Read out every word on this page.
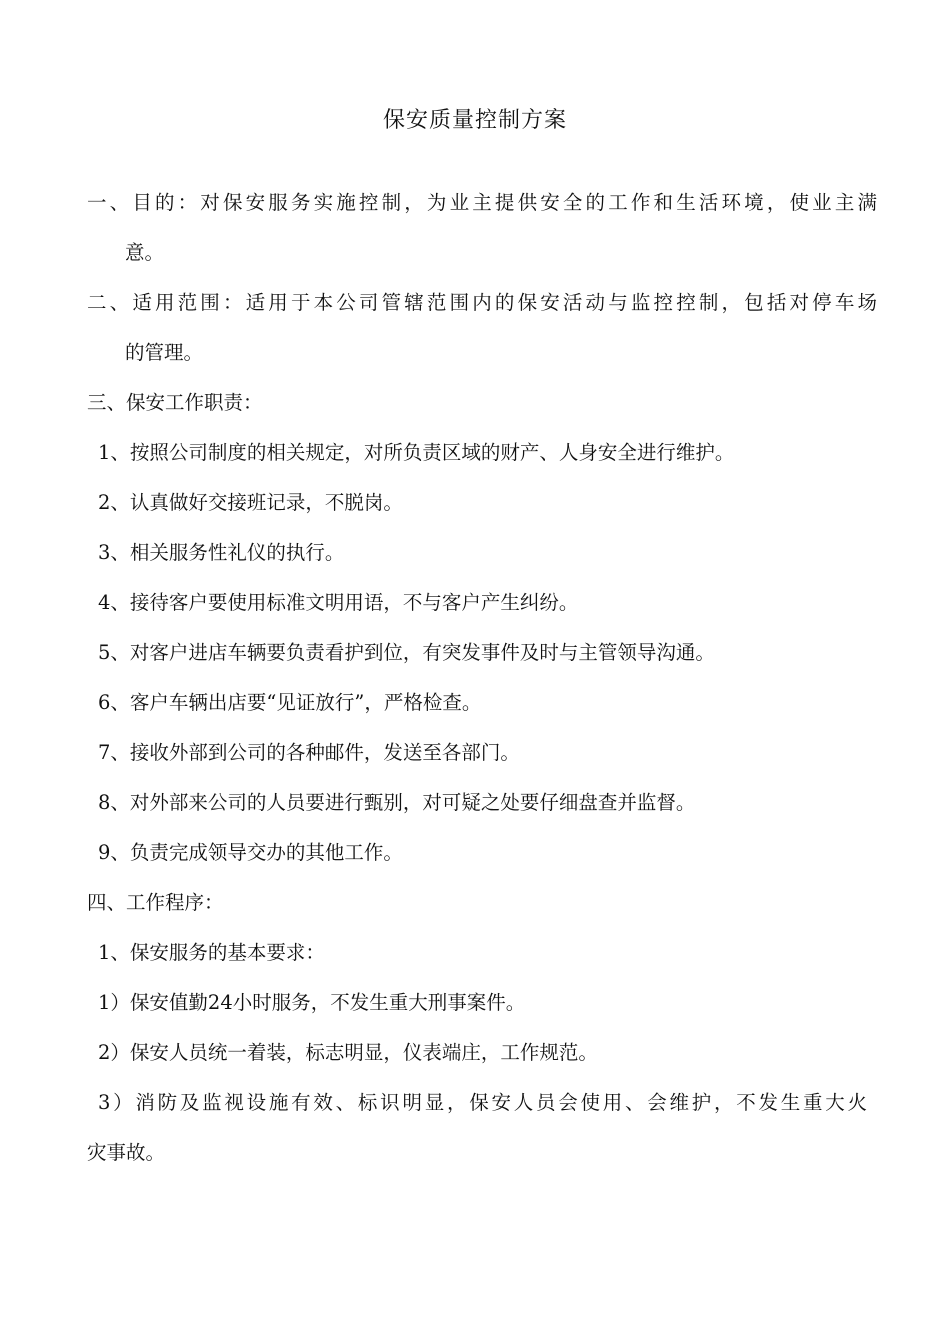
保安质量控制方案
一、目的：对保安服务实施控制，为业主提供安全的工作和生活环境，使业主满
意。
二、适用范围：适用于本公司管辖范围内的保安活动与监控控制，包括对停车场
的管理。
三、保安工作职责：
1、按照公司制度的相关规定，对所负责区域的财产、人身安全进行维护。
2、认真做好交接班记录，不脱岗。
3、相关服务性礼仪的执行。
4、接待客户要使用标准文明用语，不与客户产生纠纷。
5、对客户进店车辆要负责看护到位，有突发事件及时与主管领导沟通。
6、客户车辆出店要“见证放行”，严格检查。
7、接收外部到公司的各种邮件，发送至各部门。
8、对外部来公司的人员要进行甄别，对可疑之处要仔细盘查并监督。
9、负责完成领导交办的其他工作。
四、工作程序：
1、保安服务的基本要求：
1）保安值勤24小时服务，不发生重大刑事案件。
2）保安人员统一着装，标志明显，仪表端庄，工作规范。
3）消防及监视设施有效、标识明显，保安人员会使用、会维护，不发生重大火
灾事故。
